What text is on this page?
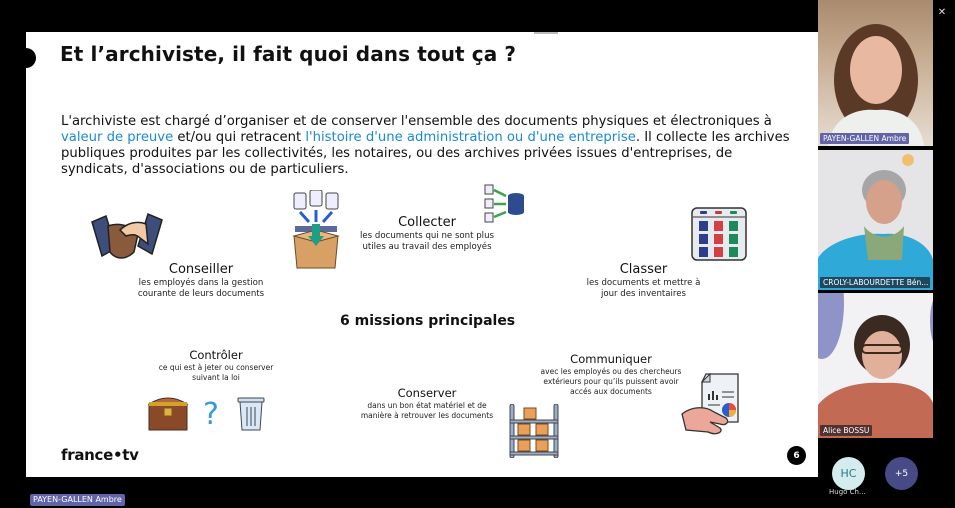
✕
Et l’archiviste, il fait quoi dans tout ça ?
L'archiviste est chargé d’organiser et de conserver l'ensemble des documents physiques et électroniques à valeur de preuve et/ou qui retracent l'histoire d'une administration ou d'une entreprise. Il collecte les archives publiques produites par les collectivités, les notaires, ou des archives privées issues d'entreprises, de syndicats, d'associations ou de particuliers.
Conseiller
les employés dans la gestion
courante de leurs documents
Collecter
les documents qui ne sont plus
utiles au travail des employés
Classer
les documents et mettre à
jour des inventaires
6 missions principales
Contrôler
ce qui est à jeter ou conserver
suivant la loi
?
Conserver
dans un bon état matériel et de
manière à retrouver les documents
Communiquer
avec les employés ou des chercheurs
extérieurs pour qu’ils puissent avoir
accés aux documents
france•tv	6
PAYEN-GALLEN Ambre
PAYEN-GALLEN Ambre
CROLY-LABOURDETTE Bén...
Alice BOSSU
HC
Hugo Ch...
+5
